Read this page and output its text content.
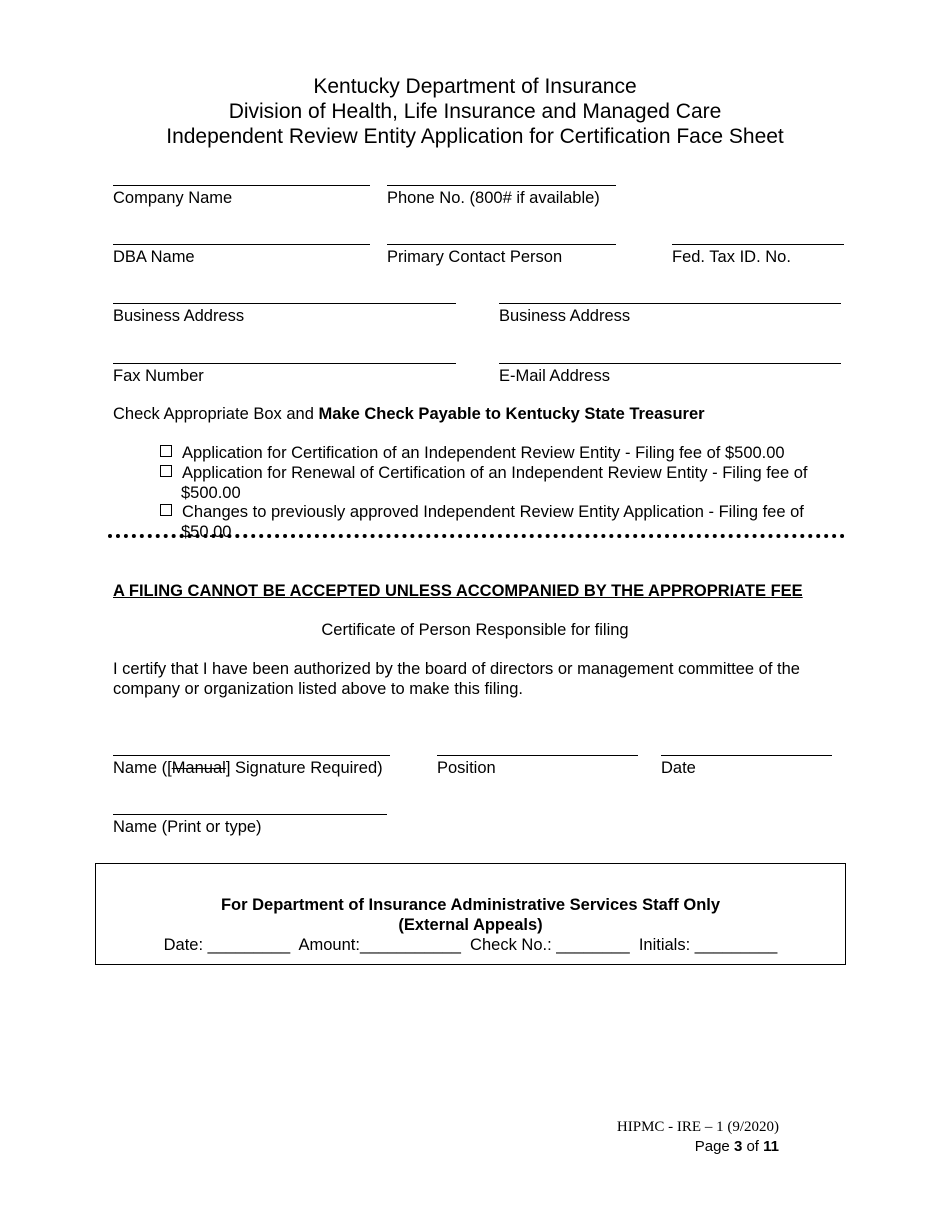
Kentucky Department of Insurance
Division of Health, Life Insurance and Managed Care
Independent Review Entity Application for Certification Face Sheet
Company Name	Phone No. (800# if available)
DBA Name	Primary Contact Person	Fed. Tax ID. No.
Business Address	Business Address
Fax Number	E-Mail Address
Check Appropriate Box and Make Check Payable to Kentucky State Treasurer
Application for Certification of an Independent Review Entity - Filing fee of $500.00
Application for Renewal of Certification of an Independent Review Entity - Filing fee of
$500.00
Changes to previously approved Independent Review Entity Application - Filing fee of
$50.00
A FILING CANNOT BE ACCEPTED UNLESS ACCOMPANIED BY THE APPROPRIATE FEE
Certificate of Person Responsible for filing
I certify that I have been authorized by the board of directors or management committee of the
company or organization listed above to make this filing.
Name ([Manual] Signature Required)	Position	Date
Name (Print or type)
For Department of Insurance Administrative Services Staff Only
(External Appeals)
Date: _________  Amount:___________  Check No.: ________  Initials: _________
HIPMC - IRE – 1 (9/2020)
Page 3 of 11
